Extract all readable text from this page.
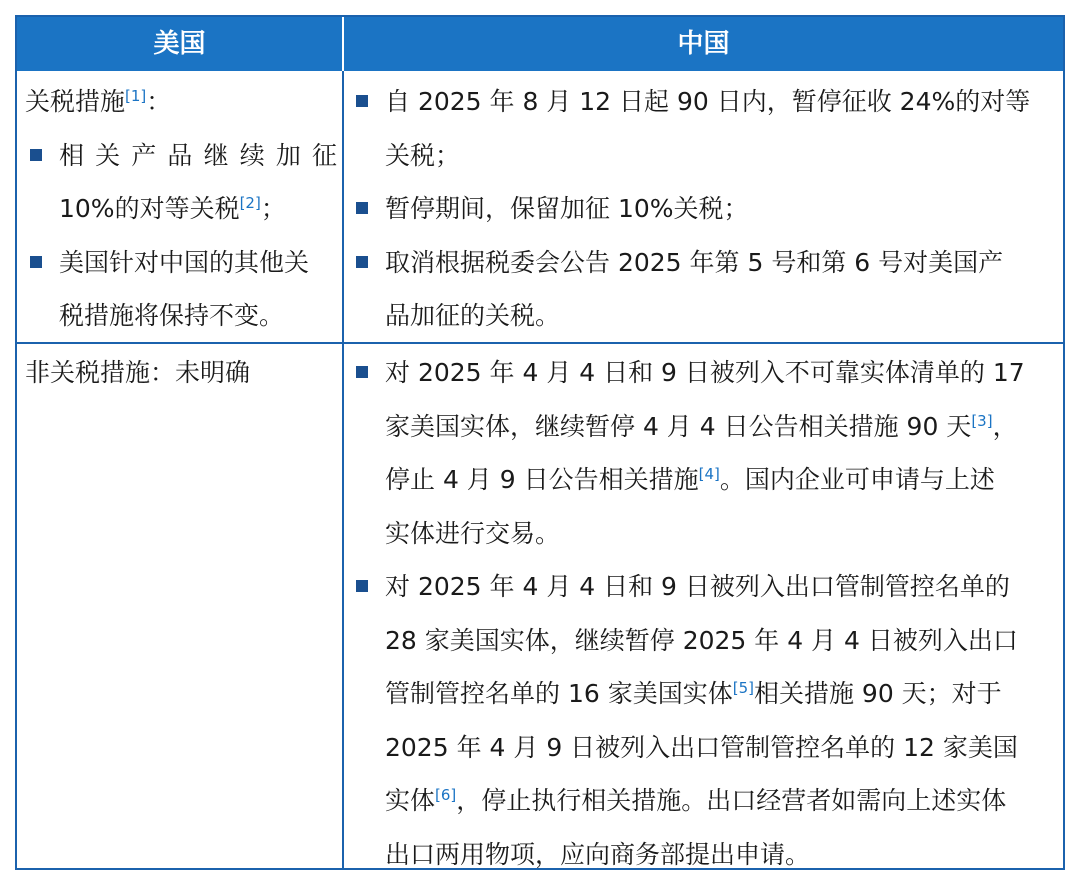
美国	中国
关税措施[1]：
相关产品继续加征
10%的对等关税[2]；
美国针对中国的其他关
税措施将保持不变。
自 2025 年 8 月 12 日起 90 日内，暂停征收 24%的对等
关税；
暂停期间，保留加征 10%关税；
取消根据税委会公告 2025 年第 5 号和第 6 号对美国产
品加征的关税。
非关税措施：未明确	对 2025 年 4 月 4 日和 9 日被列入不可靠实体清单的 17
家美国实体，继续暂停 4 月 4 日公告相关措施 90 天[3]，
停止 4 月 9 日公告相关措施[4]。国内企业可申请与上述
实体进行交易。
对 2025 年 4 月 4 日和 9 日被列入出口管制管控名单的
28 家美国实体，继续暂停 2025 年 4 月 4 日被列入出口
管制管控名单的 16 家美国实体[5]相关措施 90 天；对于
2025 年 4 月 9 日被列入出口管制管控名单的 12 家美国
实体[6]，停止执行相关措施。出口经营者如需向上述实体
出口两用物项，应向商务部提出申请。
